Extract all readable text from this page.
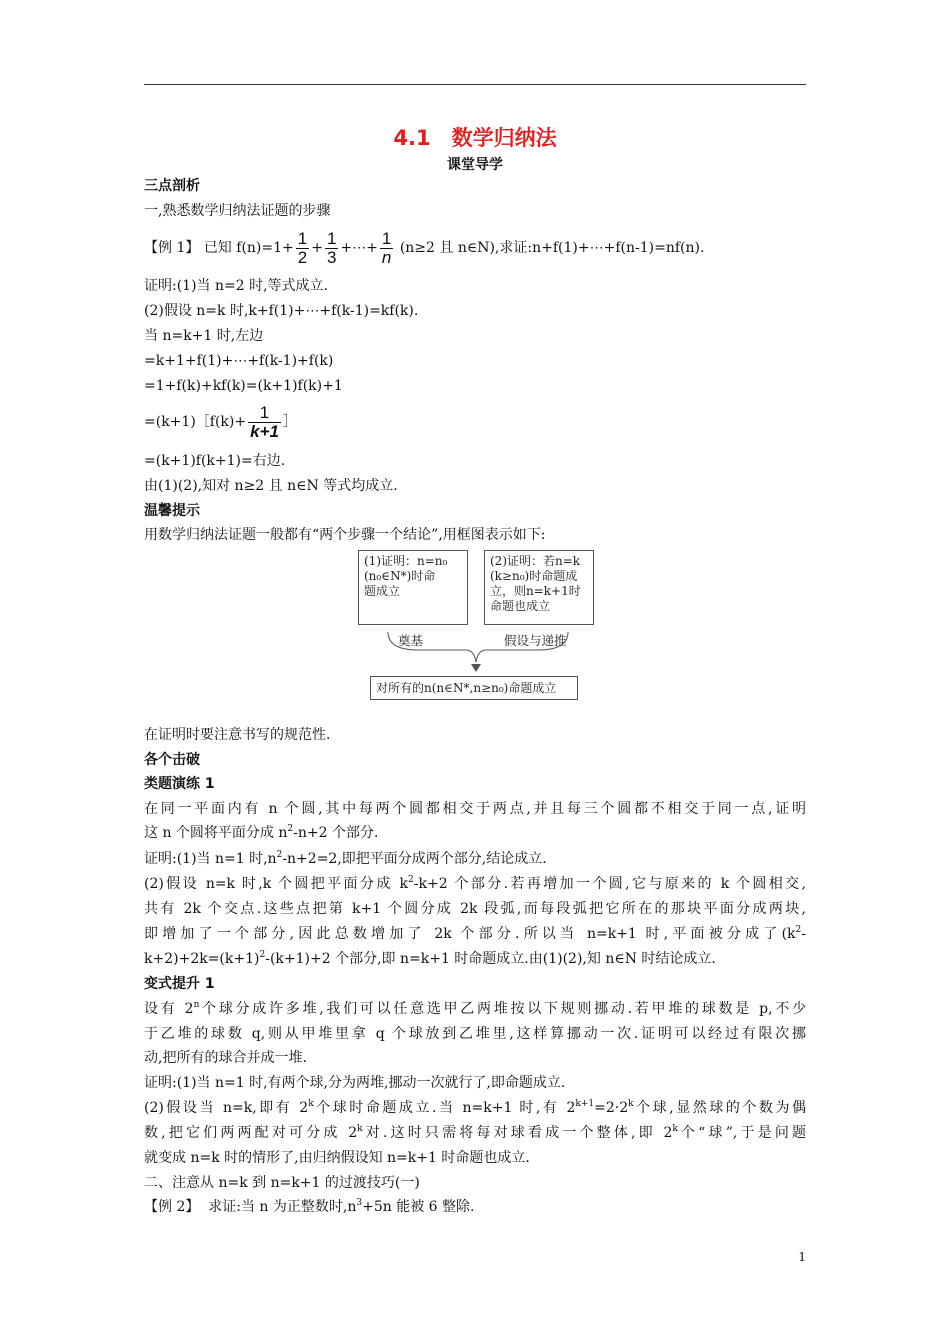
4.1　数学归纳法
课堂导学
三点剖析
一,熟悉数学归纳法证题的步骤
【例 1】 已知 $f(n)=1+ \frac{1}{2} + \frac{1}{3}$ +⋯+ $\frac{1}{n} (n\ge 2$ 且 n∈N),求证:n+f(1)+⋯+f(n-1)=nf(n).
证明:(1)当 n=2 时,等式成立.
(2)假设 n=k 时,k+f(1)+⋯+f(k-1)=kf(k).
当 n=k+1 时,左边
=k+1+f(1)+⋯+f(k-1)+f(k)
=1+f(k)+kf(k)=(k+1)f(k)+1
=(k+1)［f(k)+ $\frac{1}{k+1}$ ］
=(k+1)f(k+1)=右边.
由(1)(2),知对 n≥2 且 n∈N 等式均成立.
温馨提示
用数学归纳法证题一般都有“两个步骤一个结论”,用框图表示如下:
(1)证明：n=n₀
(n₀∈N*)时命
题成立
(2)证明：若n=k
(k≥n₀)时命题成
立，则n=k+1时
命题也成立
奠基	假设与递推
对所有的n(n∈N*,n≥n₀)命题成立
在证明时要注意书写的规范性.
各个击破
类题演练 1
在同一平面内有 n 个圆,其中每两个圆都相交于两点,并且每三个圆都不相交于同一点,证明
这 n 个圆将平面分成 $n^2-n+2$ 个部分.
证明:(1)当 n=1 时$,n^2-n+2=2$,即把平面分成两个部分,结论成立.
(2)假设 n=k 时,k 个圆把平面分成 $k^2-k+2$ 个部分.若再增加一个圆,它与原来的 k 个圆相交,
共有 2k 个交点.这些点把第 k+1 个圆分成 2k 段弧,而每段弧把它所在的那块平面分成两块,
即增加了一个部分,因此总数增加了 2k 个部分.所以当 n=k+1 时,平面被分成了($k^2-$
$k+2)+2k=(k+1)^2-(k+1)+2$ 个部分,即 n=k+1 时命题成立.由(1)(2),知 n∈N 时结论成立.
变式提升 1
设有 2$^n$个球分成许多堆,我们可以任意选甲乙两堆按以下规则挪动.若甲堆的球数是 p,不少
于乙堆的球数 q,则从甲堆里拿 q 个球放到乙堆里,这样算挪动一次.证明可以经过有限次挪
动,把所有的球合并成一堆.
证明:(1)当 n=1 时,有两个球,分为两堆,挪动一次就行了,即命题成立.
(2)假设当 n=k,即有 2$^k$个球时命题成立.当 n=k+1 时,有 $2^{k+1}=2\cdot 2^k$个球,显然球的个数为偶
数,把它们两两配对可分成 2$^k$对.这时只需将每对球看成一个整体,即 2$^k$个“球”,于是问题
就变成 n=k 时的情形了,由归纳假设知 n=k+1 时命题也成立.
二、注意从 n=k 到 n=k+1 的过渡技巧(一)
【例 2】 求证:当 n 为正整数时$,n^3+5n$ 能被 6 整除.
1
